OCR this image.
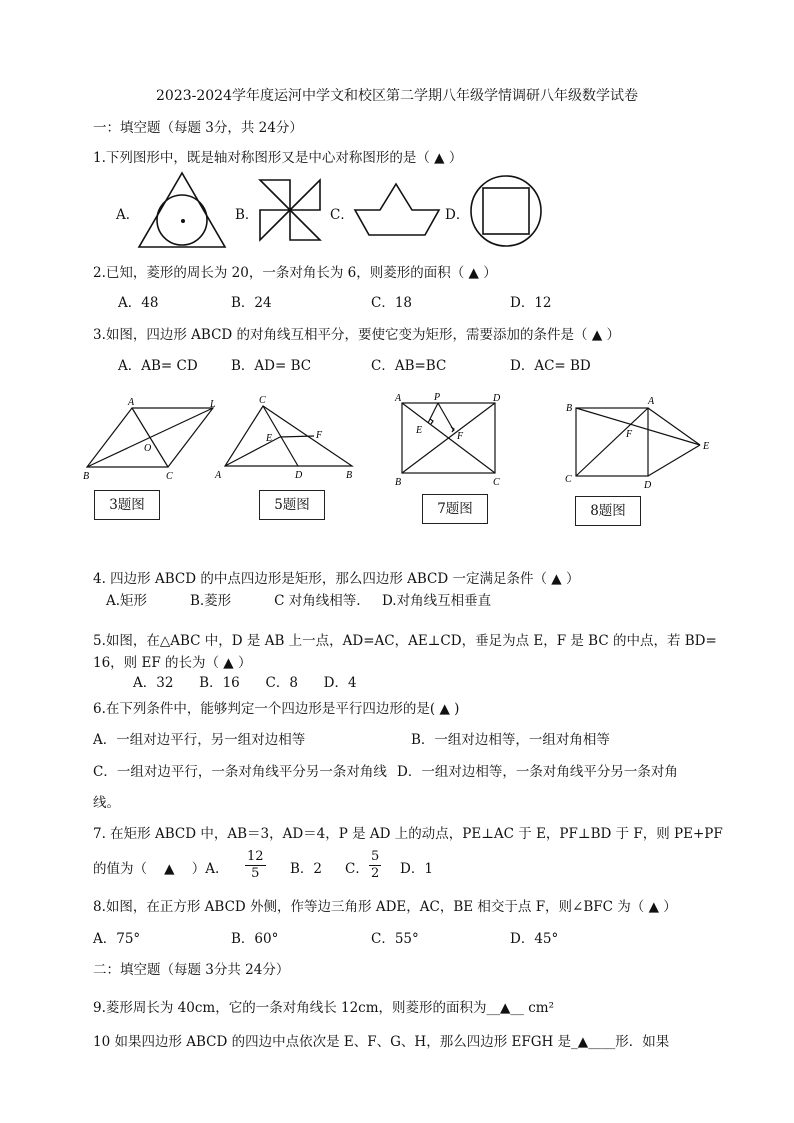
2023-2024学年度运河中学文和校区第二学期八年级学情调研八年级数学试卷
一：填空题（每题 3分，共 24分）
1.下列图形中，既是轴对称图形又是中心对称图形的是（ ▲ ）
A．	B．	C．	D．
2.已知，菱形的周长为 20，一条对角长为 6，则菱形的面积（ ▲ ）
A．48	B．24	C．18	D．12
3.如图，四边形 ABCD 的对角线互相平分，要使它变为矩形，需要添加的条件是（ ▲ ）
A．AB= CD B．AD= BC	C．AB=BC	D．AC= BD
A	L
B	C
O
3题图
C
A	D	B
E	F
5题图
A	P	D
E
F
B	C
7题图
B
A
E
F
C
D
8题图
4. 四边形 ABCD 的中点四边形是矩形，那么四边形 ABCD 一定满足条件（ ▲ ）
A.矩形          B.菱形          C 对角线相等.     D.对角线互相垂直
5.如图，在△ABC 中，D 是 AB 上一点，AD=AC，AE⊥CD，垂足为点 E，F 是 BC 的中点，若 BD=
16，则 EF 的长为（ ▲ ）
A．32      B．16      C．8      D．4
6.在下列条件中，能够判定一个四边形是平行四边形的是( ▲ )
A．一组对边平行，另一组对边相等	B．一组对边相等，一组对角相等
C．一组对边平行，一条对角线平分另一条对角线 D．一组对边相等，一条对角线平分另一条对角
线。
7. 在矩形 ABCD 中，AB＝3，AD＝4，P 是 AD 上的动点，PE⊥AC 于 E，PF⊥BD 于 F，则 PE+PF
的值为（    ▲    ）A. $\frac{12}{5}$ B．2 C． $\frac{5}{2}$ D．1
8.如图，在正方形 ABCD 外侧，作等边三角形 ADE，AC，BE 相交于点 F，则∠BFC 为（ ▲ ）
A．75°	B．60°	C．55°	D．45°
二：填空题（每题 3分共 24分）
9.菱形周长为 40cm，它的一条对角线长 12cm，则菱形的面积为__▲__ cm²
10 如果四边形 ABCD 的四边中点依次是 E、F、G、H，那么四边形 EFGH 是_▲____形．如果
